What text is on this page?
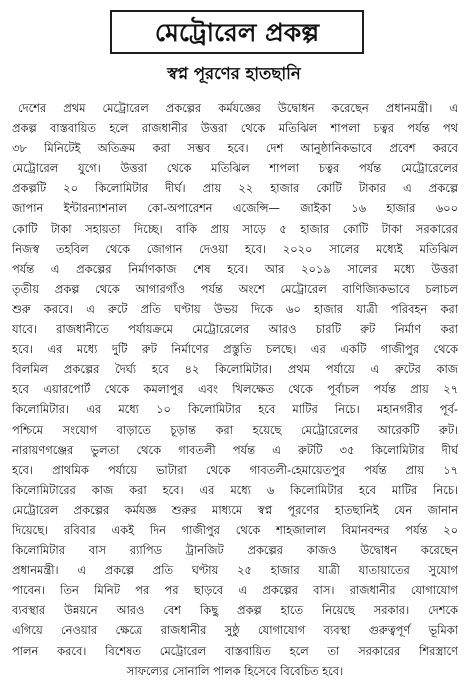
মেট্রোরেল প্রকল্প
স্বপ্ন পূরণের হাতছানি
দেশের প্রথম মেট্রোরেল প্রকল্পের কর্মযজ্ঞের উদ্বোধন করেছেন প্রধানমন্ত্রী। এ
প্রকল্প বাস্তবায়িত হলে রাজধানীর উত্তরা থেকে মতিঝিল শাপলা চত্বর পর্যন্ত পথ
৩৮ মিনিটেই অতিক্রম করা সম্ভব হবে। দেশ আনুষ্ঠানিকভাবে প্রবেশ করবে
মেট্রোরেল যুগে। উত্তরা থেকে মতিঝিল শাপলা চত্বর পর্যন্ত মেট্রোরেলের
প্রকল্পটি ২০ কিলোমিটার দীর্ঘ। প্রায় ২২ হাজার কোটি টাকার এ প্রকল্পে
জাপান ইন্টারন্যাশনাল কো-অপারেশন এজেন্সি— জাইকা ১৬ হাজার ৬০০
কোটি টাকা সহায়তা দিচ্ছে। বাকি প্রায় সাড়ে ৫ হাজার কোটি টাকা সরকারের
নিজস্ব তহবিল থেকে জোগান দেওয়া হবে। ২০২০ সালের মধ্যেই মতিঝিল
পর্যন্ত এ প্রকল্পের নির্মাণকাজ শেষ হবে। আর ২০১৯ সালের মধ্যে উত্তরা
তৃতীয় প্রকল্প থেকে আগারগাঁও পর্যন্ত অংশে মেট্রোরেল বাণিজ্যিকভাবে চলাচল
শুরু করবে। এ রুটে প্রতি ঘণ্টায় উভয় দিকে ৬০ হাজার যাত্রী পরিবহন করা
যাবে। রাজধানীতে পর্যায়ক্রমে মেট্রোরেলের আরও চারটি রুট নির্মাণ করা
হবে। এর মধ্যে দুটি রুট নির্মাণের প্রস্তুতি চলছে। এর একটি গাজীপুর থেকে
বিলমিল প্রকল্পের দৈর্ঘ্য হবে ৪২ কিলোমিটার। প্রথম পর্যায়ে এ রুটের কাজ
হবে এয়ারপোর্ট থেকে কমলাপুর এবং খিলক্ষেত থেকে পূর্বাচল পর্যন্ত প্রায় ২৭
কিলোমিটার। এর মধ্যে ১০ কিলোমিটার হবে মাটির নিচে। মহানগরীর পূর্ব-
পশ্চিমে সংযোগ বাড়াতে চূড়ান্ত করা হয়েছে মেট্রোরেলের আরেকটি রুট।
নারায়ণগঞ্জের ভুলতা থেকে গাবতলী পর্যন্ত এ রুটটি ৩৫ কিলোমিটার দীর্ঘ
হবে। প্রাথমিক পর্যায়ে ভাটারা থেকে গাবতলী-হেমায়েতপুর পর্যন্ত প্রায় ১৭
কিলোমিটারের কাজ করা হবে। এর মধ্যে ৬ কিলোমিটার হবে মাটির নিচে।
মেট্রোরেল প্রকল্পের কর্মযজ্ঞ শুরুর মাধ্যমে স্বপ্ন পূরণের হাতছানিই যেন জানান
দিয়েছে। রবিবার একই দিন গাজীপুর থেকে শাহজালাল বিমানবন্দর পর্যন্ত ২০
কিলোমিটার বাস র‍্যাপিড ট্রানজিট প্রকল্পের কাজও উদ্বোধন করেছেন
প্রধানমন্ত্রী। এ প্রকল্পে প্রতি ঘণ্টায় ২৫ হাজার যাত্রী যাতায়াতের সুযোগ
পাবেন। তিন মিনিট পর পর ছাড়বে এ প্রকল্পের বাস। রাজধানীর যোগাযোগ
ব্যবস্থার উন্নয়নে আরও বেশ কিছু প্রকল্প হাতে নিয়েছে সরকার। দেশকে
এগিয়ে নেওয়ার ক্ষেত্রে রাজধানীর সুষ্ঠু যোগাযোগ ব্যবস্থা গুরুত্বপূর্ণ ভূমিকা
পালন করবে। বিশেষত মেট্রোরেল বাস্তবায়িত হলে তা সরকারের শিরস্ত্রাণে
সাফল্যের সোনালি পালক হিসেবে বিবেচিত হবে।
